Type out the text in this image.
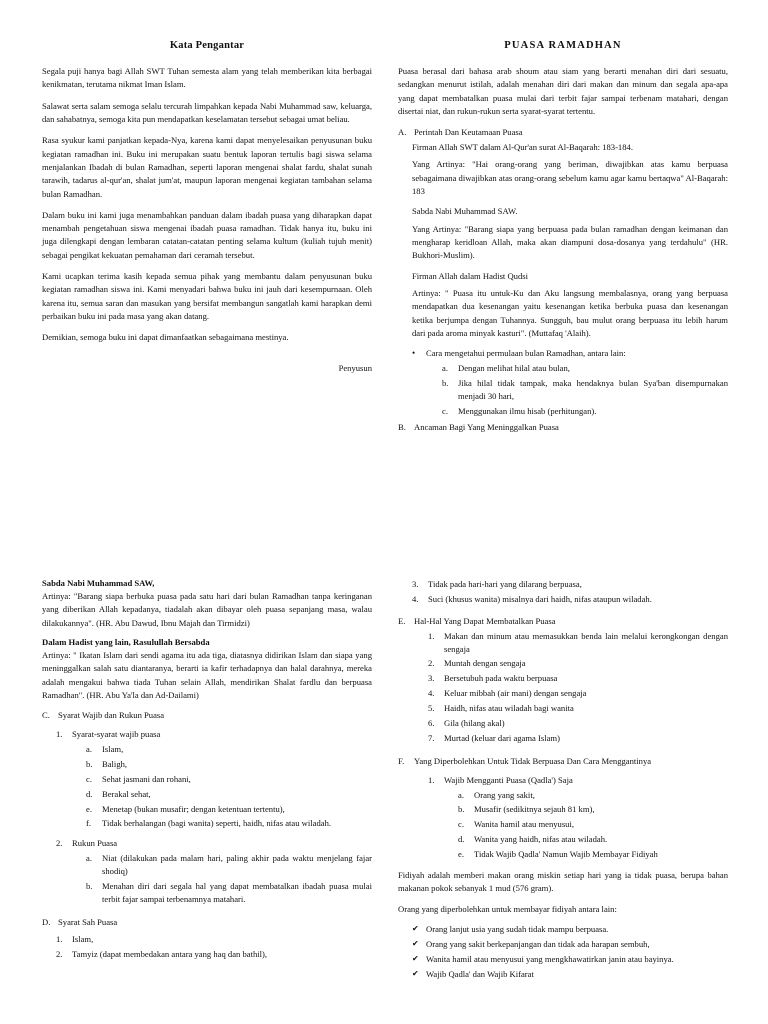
Kata Pengantar

Segala puji hanya bagi Allah SWT Tuhan semesta alam yang telah memberikan kita berbagai kenikmatan, terutama nikmat Iman Islam.

Salawat serta salam semoga selalu tercurah limpahkan kepada Nabi Muhammad saw, keluarga, dan sahabatnya, semoga kita pun mendapatkan keselamatan tersebut sebagai umat beliau.

Rasa syukur kami panjatkan kepada-Nya, karena kami dapat menyelesaikan penyusunan buku kegiatan ramadhan ini. Buku ini merupakan suatu bentuk laporan tertulis bagi siswa selama menjalankan Ibadah di bulan Ramadhan, seperti laporan mengenai shalat fardu, shalat sunah tarawih, tadarus al-qur'an, shalat jum'at, maupun laporan mengenai kegiatan tambahan selama bulan Ramadhan.

Dalam buku ini kami juga menambahkan panduan dalam ibadah puasa yang diharapkan dapat menambah pengetahuan siswa mengenai ibadah puasa ramadhan. Tidak hanya itu, buku ini juga dilengkapi dengan lembaran catatan-catatan penting selama kultum (kuliah tujuh menit) sebagai pengikat kekuatan pemahaman dari ceramah tersebut.

Kami ucapkan terima kasih kepada semua pihak yang membantu dalam penyusunan buku kegiatan ramadhan siswa ini. Kami menyadari bahwa buku ini jauh dari kesempurnaan. Oleh karena itu, semua saran dan masukan yang bersifat membangun sangatlah kami harapkan demi perbaikan buku ini pada masa yang akan datang.

Demikian, semoga buku ini dapat dimanfaatkan sebagaimana mestinya.

Penyusun
PUASA RAMADHAN

Puasa berasal dari bahasa arab shoum atau siam yang berarti menahan diri dari sesuatu, sedangkan menurut istilah, adalah menahan diri dari makan dan minum dan segala apa-apa yang dapat membatalkan puasa mulai dari terbit fajar sampai terbenam matahari, dengan disertai niat, dan rukun-rukun serta syarat-syarat tertentu.

A. Perintah Dan Keutamaan Puasa
Firman Allah SWT dalam Al-Qur'an surat Al-Baqarah: 183-184.
Yang Artinya: "Hai orang-orang yang beriman, diwajibkan atas kamu berpuasa sebagaimana diwajibkan atas orang-orang sebelum kamu agar kamu bertaqwa" Al-Baqarah: 183
Sabda Nabi Muhammad SAW.
Yang Artinya: "Barang siapa yang berpuasa pada bulan ramadhan dengan keimanan dan mengharap keridloan Allah, maka akan diampuni dosa-dosanya yang terdahulu" (HR. Bukhori-Muslim).
Firman Allah dalam Hadist Qudsi
Artinya: " Puasa itu untuk-Ku dan Aku langsung membalasnya, orang yang berpuasa mendapatkan dua kesenangan yaitu kesenangan ketika berbuka puasa dan kesenangan ketika berjumpa dengan Tuhannya. Sungguh, bau mulut orang berpuasa itu lebih harum dari pada aroma minyak kasturi". (Muttafaq 'Alaih).
•	Cara mengetahui permulaan bulan Ramadhan, antara lain:
a.	Dengan melihat hilal atau bulan,
b.	Jika hilal tidak tampak, maka hendaknya bulan Sya'ban disempurnakan menjadi 30 hari,
c.	Menggunakan ilmu hisab (perhitungan).
B. Ancaman Bagi Yang Meninggalkan Puasa
Sabda Nabi Muhammad SAW,
Artinya: "Barang siapa berbuka puasa pada satu hari dari bulan Ramadhan tanpa keringanan yang diberikan Allah kepadanya, tiadalah akan dibayar oleh puasa sepanjang masa, walau dilakukannya". (HR. Abu Dawud, Ibnu Majah dan Tirmidzi)
Dalam Hadist yang lain, Rasulullah Bersabda
Artinya: " Ikatan Islam dari sendi agama itu ada tiga, diatasnya didirikan Islam dan siapa yang meninggalkan salah satu diantaranya, berarti ia kafir terhadapnya dan halal darahnya, mereka adalah mengakui bahwa tiada Tuhan selain Allah, mendirikan Shalat fardlu dan berpuasa Ramadhan". (HR. Abu Ya'la dan Ad-Dailami)
C. Syarat Wajib dan Rukun Puasa
1.	Syarat-syarat wajib puasa
a.	Islam,
b.	Baligh,
c.	Sehat jasmani dan rohani,
d.	Berakal sehat,
e.	Menetap (bukan musafir; dengan ketentuan tertentu),
f.	Tidak berhalangan (bagi wanita) seperti, haidh, nifas atau wiladah.
2.	Rukun Puasa
a.	Niat (dilakukan pada malam hari, paling akhir pada waktu menjelang fajar shodiq)
b.	Menahan diri dari segala hal yang dapat membatalkan ibadah puasa mulai terbit fajar sampai terbenamnya matahari.
D. Syarat Sah Puasa
1.	Islam,
2.	Tamyiz (dapat membedakan antara yang haq dan bathil),
3.	Tidak pada hari-hari yang dilarang berpuasa,
4.	Suci (khusus wanita) misalnya dari haidh, nifas ataupun wiladah.
E. Hal-Hal Yang Dapat Membatalkan Puasa
1.	Makan dan minum atau memasukkan benda lain melalui kerongkongan dengan sengaja
2.	Muntah dengan sengaja
3.	Bersetubuh pada waktu berpuasa
4.	Keluar mibbah (air mani) dengan sengaja
5.	Haidh, nifas atau wiladah bagi wanita
6.	Gila (hilang akal)
7.	Murtad (keluar dari agama Islam)
F.	Yang Diperbolehkan Untuk Tidak Berpuasa Dan Cara Menggantinya
1.	Wajib Mengganti Puasa (Qadla') Saja
a.	Orang yang sakit,
b.	Musafir (sedikitnya sejauh 81 km),
c.	Wanita hamil atau menyusui,
d.	Wanita yang haidh, nifas atau wiladah.
e.	Tidak Wajib Qadla' Namun Wajib Membayar Fidiyah
Fidiyah adalah memberi makan orang miskin setiap hari yang ia tidak puasa, berupa bahan makanan pokok sebanyak 1 mud (576 gram).
Orang yang diperbolehkan untuk membayar fidiyah antara lain:
✔ Orang lanjut usia yang sudah tidak mampu berpuasa.
✔ Orang yang sakit berkepanjangan dan tidak ada harapan sembuh,
✔ Wanita hamil atau menyusui yang mengkhawatirkan janin atau bayinya.
✔ Wajib Qadla' dan Wajib Kifarat
